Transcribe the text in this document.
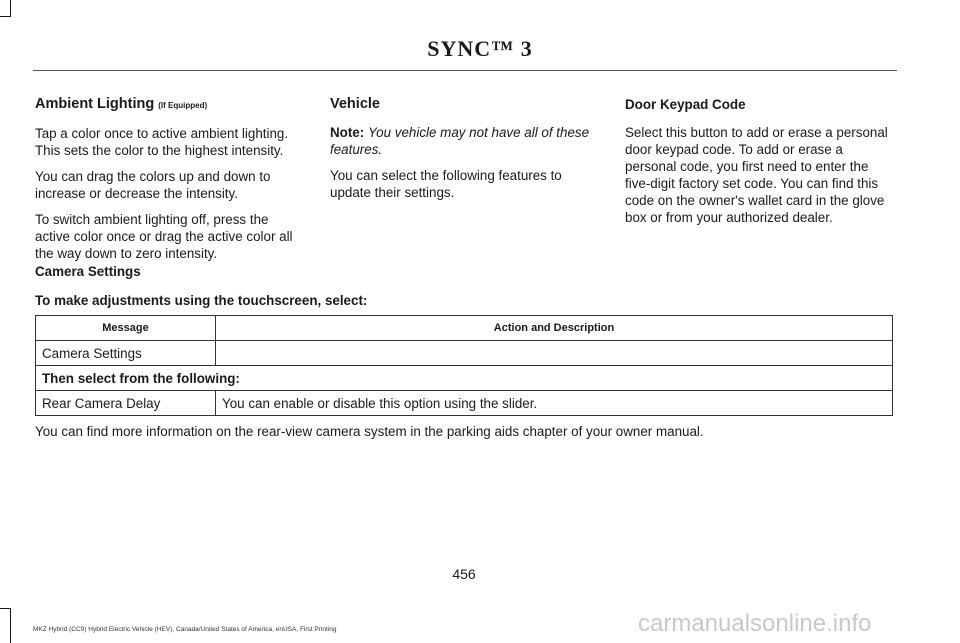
SYNC™ 3
Ambient Lighting (If Equipped)

Tap a color once to active ambient lighting. This sets the color to the highest intensity.

You can drag the colors up and down to increase or decrease the intensity.

To switch ambient lighting off, press the active color once or drag the active color all the way down to zero intensity.

Vehicle

Note: You vehicle may not have all of these features.

You can select the following features to update their settings.

Door Keypad Code

Select this button to add or erase a personal door keypad code. To add or erase a personal code, you first need to enter the five-digit factory set code. You can find this code on the owner's wallet card in the glove box or from your authorized dealer.

Camera Settings
To make adjustments using the touchscreen, select:
Message	Action and Description
Camera Settings	
Then select from the following:	
Rear Camera Delay	You can enable or disable this option using the slider.
You can find more information on the rear-view camera system in the parking aids chapter of your owner manual.
456
MKZ Hybrid (CC9) Hybrid Electric Vehicle (HEV), Canada/United States of America, enUSA, First Printing	carmanualsonline.info
